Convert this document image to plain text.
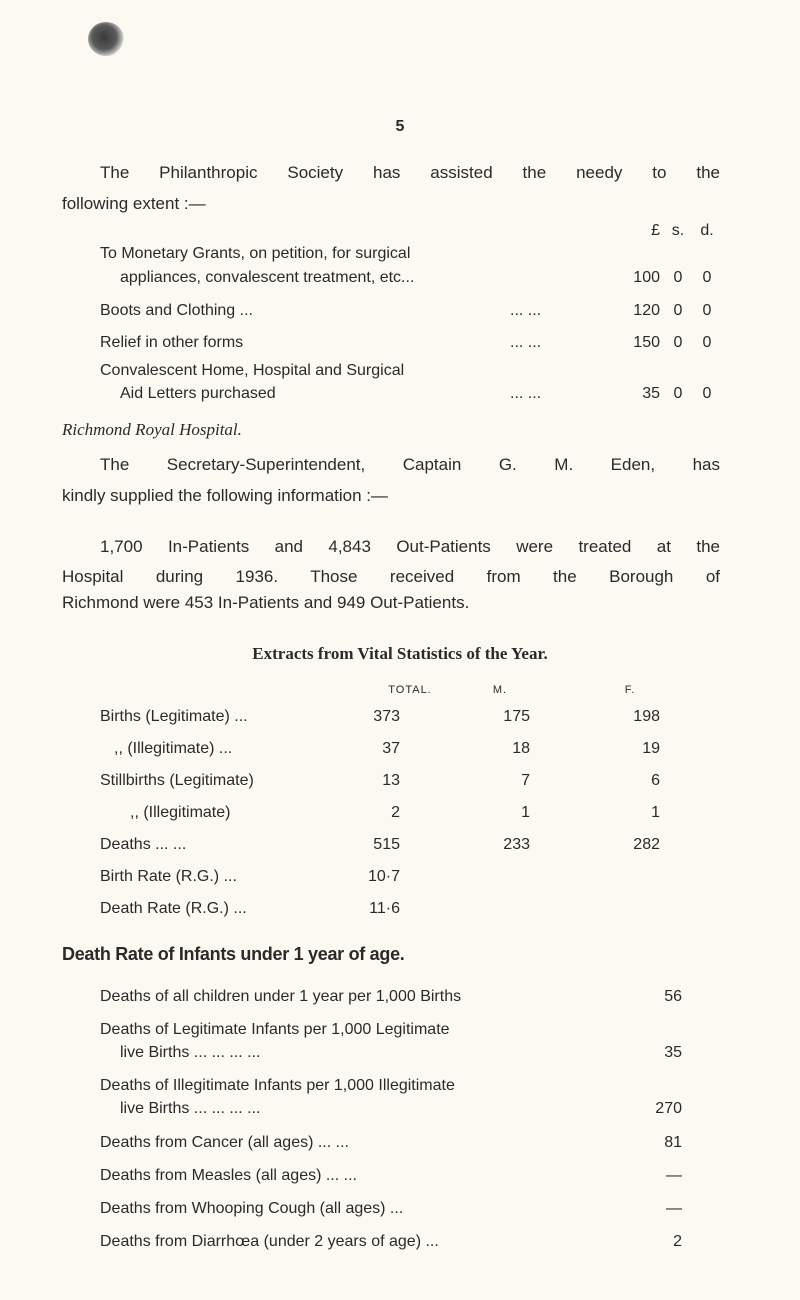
5
The Philanthropic Society has assisted the needy to the
following extent :—
£ s.	d.
To Monetary Grants, on petition, for surgical
appliances, convalescent treatment, etc...	100 0	0
Boots and Clothing ...	... ...	120 0	0
Relief in other forms	... ...	150 0	0
Convalescent Home, Hospital and Surgical
Aid Letters purchased	... ...	35 0	0
Richmond Royal Hospital.
The Secretary-Superintendent, Captain G. M. Eden, has
kindly supplied the following information :—
1,700 In-Patients and 4,843 Out-Patients were treated at the
Hospital during 1936. Those received from the Borough of
Richmond were 453 In-Patients and 949 Out-Patients.
Extracts from Vital Statistics of the Year.
TOTAL.	M.	F.
Births (Legitimate) ...	373	175	198
,, (Illegitimate) ...	37	18	19
Stillbirths (Legitimate)	13	7	6
,, (Illegitimate)	2	1	1
Deaths ... ...	515	233	282
Birth Rate (R.G.) ...	10·7
Death Rate (R.G.) ...	11·6
Death Rate of Infants under 1 year of age.
Deaths of all children under 1 year per 1,000 Births	56
Deaths of Legitimate Infants per 1,000 Legitimate
live Births ... ... ... ...	35
Deaths of Illegitimate Infants per 1,000 Illegitimate
live Births ... ... ... ...	270
Deaths from Cancer (all ages) ... ...	81
Deaths from Measles (all ages) ... ...	—
Deaths from Whooping Cough (all ages) ...	—
Deaths from Diarrhœa (under 2 years of age) ...	2
